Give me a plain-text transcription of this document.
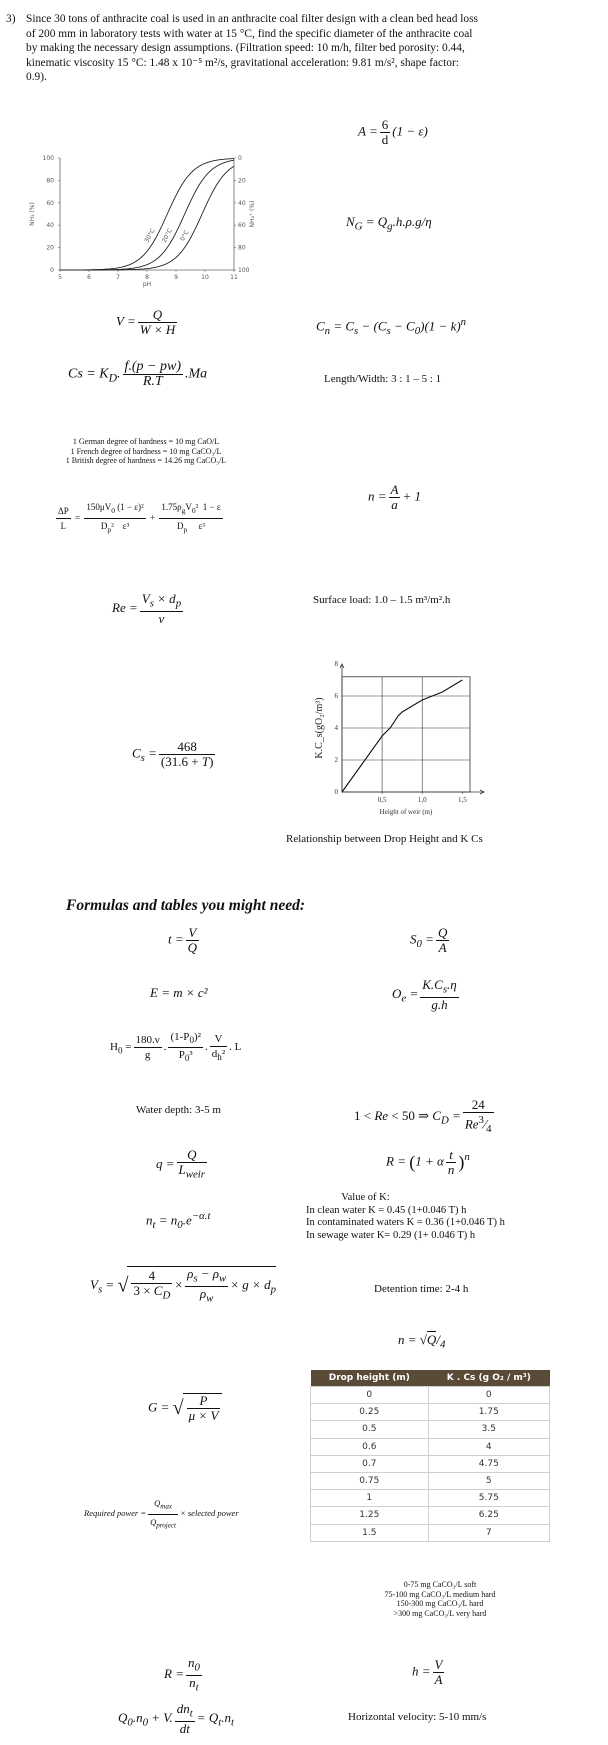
3) Since 30 tons of anthracite coal is used in an anthracite coal filter design with a clean bed head loss of 200 mm in laboratory tests with water at 15 °C, find the specific diameter of the anthracite coal by making the necessary design assumptions. (Filtration speed: 10 m/h, filter bed porosity: 0.44, kinematic viscosity 15 °C: 1.48 x 10⁻⁵ m²/s, gravitational acceleration: 9.81 m/s², shape factor: 0.9).
100
80
60
40
20
0
0
20
40
60
80
100
5	6	7	8	9	10	11
pH
NH₃ (%)	NH₄⁺ (%)
30°C 20°C 0°C
$A = \frac{6}{d} (1 - \varepsilon)$
$N_G = Q_g.h.\rho.g/\eta$
$V = \frac{Q}{W \times H}$	$C_n = C_s - (C_s - C_0)(1 - k)^n$
$Cs = K_D$. $\frac{f.(p - pw)}{R.T} .Ma$	Length/Width: 3 : 1 – 5 : 1
1 German degree of hardness = 10 mg CaO/L
1 French degree of hardness = 10 mg CaCO₃/L
1 British degree of hardness = 14.26 mg CaCO₃/L
$n = \frac{A}{a} + 1$
$\frac{\Delta P}{L} = \frac{150\mu V_0 (1 - \varepsilon)^2}{D_p^2 \varepsilon^3} + \frac{1.75\rho_gV_0^2 1 - \varepsilon}{D_p \varepsilon^3}$
$Re = \frac{V_s \times d_p}{\nu}$	Surface load: 1.0 – 1.5 m³/m².h
0
2
4
6
8
0,5	1,0	1,5
Height of weir (m)
K.C_s(gO₂/m³)
Relationship between Drop Height and K Cs
$C_s = \frac{468}{(31.6 + T)}$
Formulas and tables you might need:
$t = \frac{V}{Q}$	$S_0 = \frac{Q}{A}$
E = m × c²	$O_e = \frac{K.C_s.\eta}{g.h}$
$H_0 = \frac{180.\nu}{g}$ . $\frac{(1-P_0)^2}{P_0^3}$ . $\frac{V}{d_h^2}$ . L
Water depth: 3-5 m	1 < Re < 50 ⇒ $C_D = \frac{24}{Re^3⁄_4}$
$q = \frac{Q}{L_{weir}}$	R = (1 + α $\frac{t}{n} )^n$
$n_t = n_0.e^{-\alpha.t}$
Value of K:
In clean water K = 0.45 (1+0.046 T) h
In contaminated waters K = 0.36 (1+0.046 T) h
In sewage water K= 0.29 (1+ 0.046 T) h
$V_s$ = √ $\frac{4}{3 \times C_D} \times \frac{\rho_s - \rho_w}{\rho_w} \times g \times d_p$	Detention time: 2-4 h
$n = √Q/_4$
Drop height (m)	K . Cs (g O₂ / m³)
0	0
0.25	1.75
0.5	3.5
0.6	4
0.7	4.75
0.75	5
1	5.75
1.25	6.25
1.5	7
G = √ $\frac{P}{\mu \times V}$
Required power = $\frac{Q_{max}}{Q_{project}}$ × selected power
0-75 mg CaCO₃/L soft
75-100 mg CaCO₃/L medium hard
150-300 mg CaCO₃/L hard
>300 mg CaCO₃/L very hard
$R = \frac{n_0}{n_t}$	$h = \frac{V}{A}$
$Q_0.n_0 + V$. $\frac{dn_t}{dt} = Q_t.n_t$	Horizontal velocity: 5-10 mm/s
